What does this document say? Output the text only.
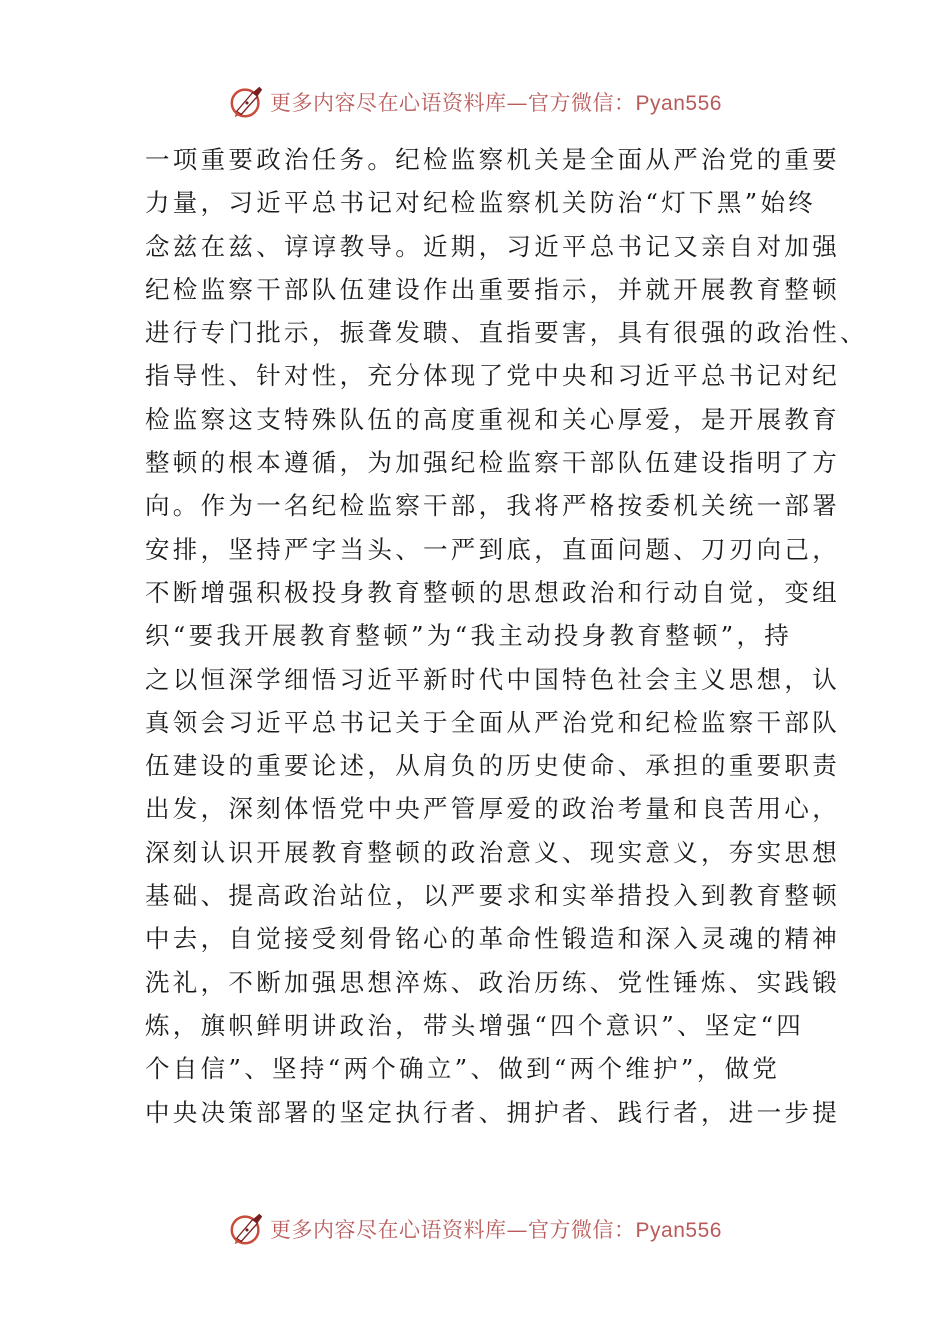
更多内容尽在心语资料库—官方微信：Pyan556
一项重要政治任务。纪检监察机关是全面从严治党的重要
力量，习近平总书记对纪检监察机关防治“灯下黑”始终
念兹在兹、谆谆教导。近期，习近平总书记又亲自对加强
纪检监察干部队伍建设作出重要指示，并就开展教育整顿
进行专门批示，振聋发聩、直指要害，具有很强的政治性、
指导性、针对性，充分体现了党中央和习近平总书记对纪
检监察这支特殊队伍的高度重视和关心厚爱，是开展教育
整顿的根本遵循，为加强纪检监察干部队伍建设指明了方
向。作为一名纪检监察干部，我将严格按委机关统一部署
安排，坚持严字当头、一严到底，直面问题、刀刃向己，
不断增强积极投身教育整顿的思想政治和行动自觉，变组
织“要我开展教育整顿”为“我主动投身教育整顿”，持
之以恒深学细悟习近平新时代中国特色社会主义思想，认
真领会习近平总书记关于全面从严治党和纪检监察干部队
伍建设的重要论述，从肩负的历史使命、承担的重要职责
出发，深刻体悟党中央严管厚爱的政治考量和良苦用心，
深刻认识开展教育整顿的政治意义、现实意义，夯实思想
基础、提高政治站位，以严要求和实举措投入到教育整顿
中去，自觉接受刻骨铭心的革命性锻造和深入灵魂的精神
洗礼，不断加强思想淬炼、政治历练、党性锤炼、实践锻
炼，旗帜鲜明讲政治，带头增强“四个意识”、坚定“四
个自信”、坚持“两个确立”、做到“两个维护”，做党
中央决策部署的坚定执行者、拥护者、践行者，进一步提
更多内容尽在心语资料库—官方微信：Pyan556
